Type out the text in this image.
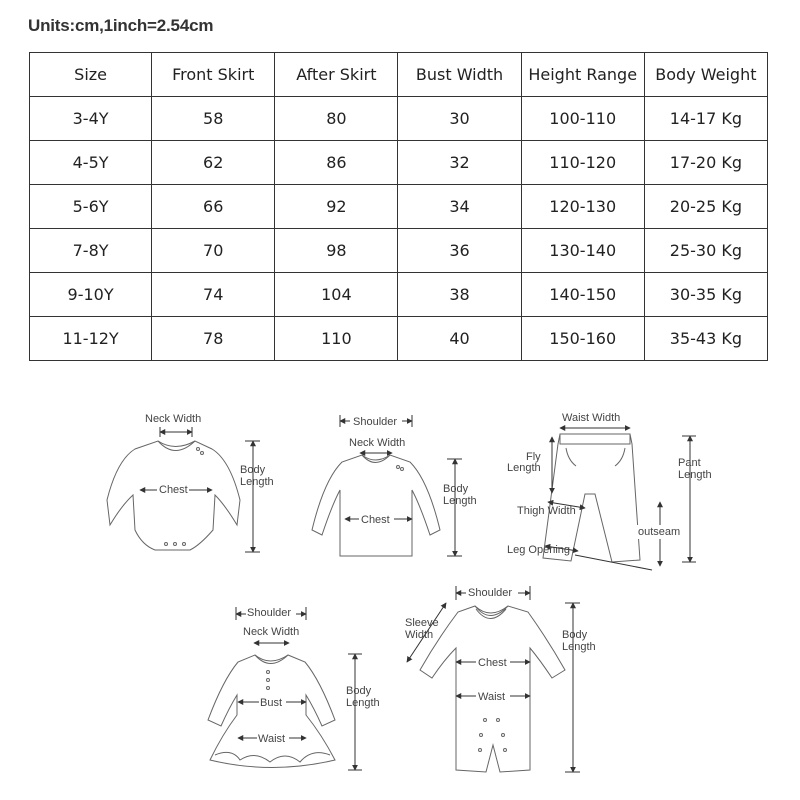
Units:cm,1inch=2.54cm
Size	Front Skirt	After Skirt	Bust Width	Height Range	Body Weight
3-4Y	58	80	30	100-110	14-17 Kg
4-5Y	62	86	32	110-120	17-20 Kg
5-6Y	66	92	34	120-130	20-25 Kg
7-8Y	70	98	36	130-140	25-30 Kg
9-10Y	74	104	38	140-150	30-35 Kg
11-12Y	78	110	40	150-160	35-43 Kg
Neck Width
Chest
Body
Length
Shoulder
Neck Width
Chest
Body
Length
Waist Width
Fly
Length	Pant
Length
Thigh Width
outseam
Leg Opening
Shoulder
Neck Width
Bust
Waist
Body
Length
Shoulder
Sleeve
Width
Chest
Waist
Body
Length
